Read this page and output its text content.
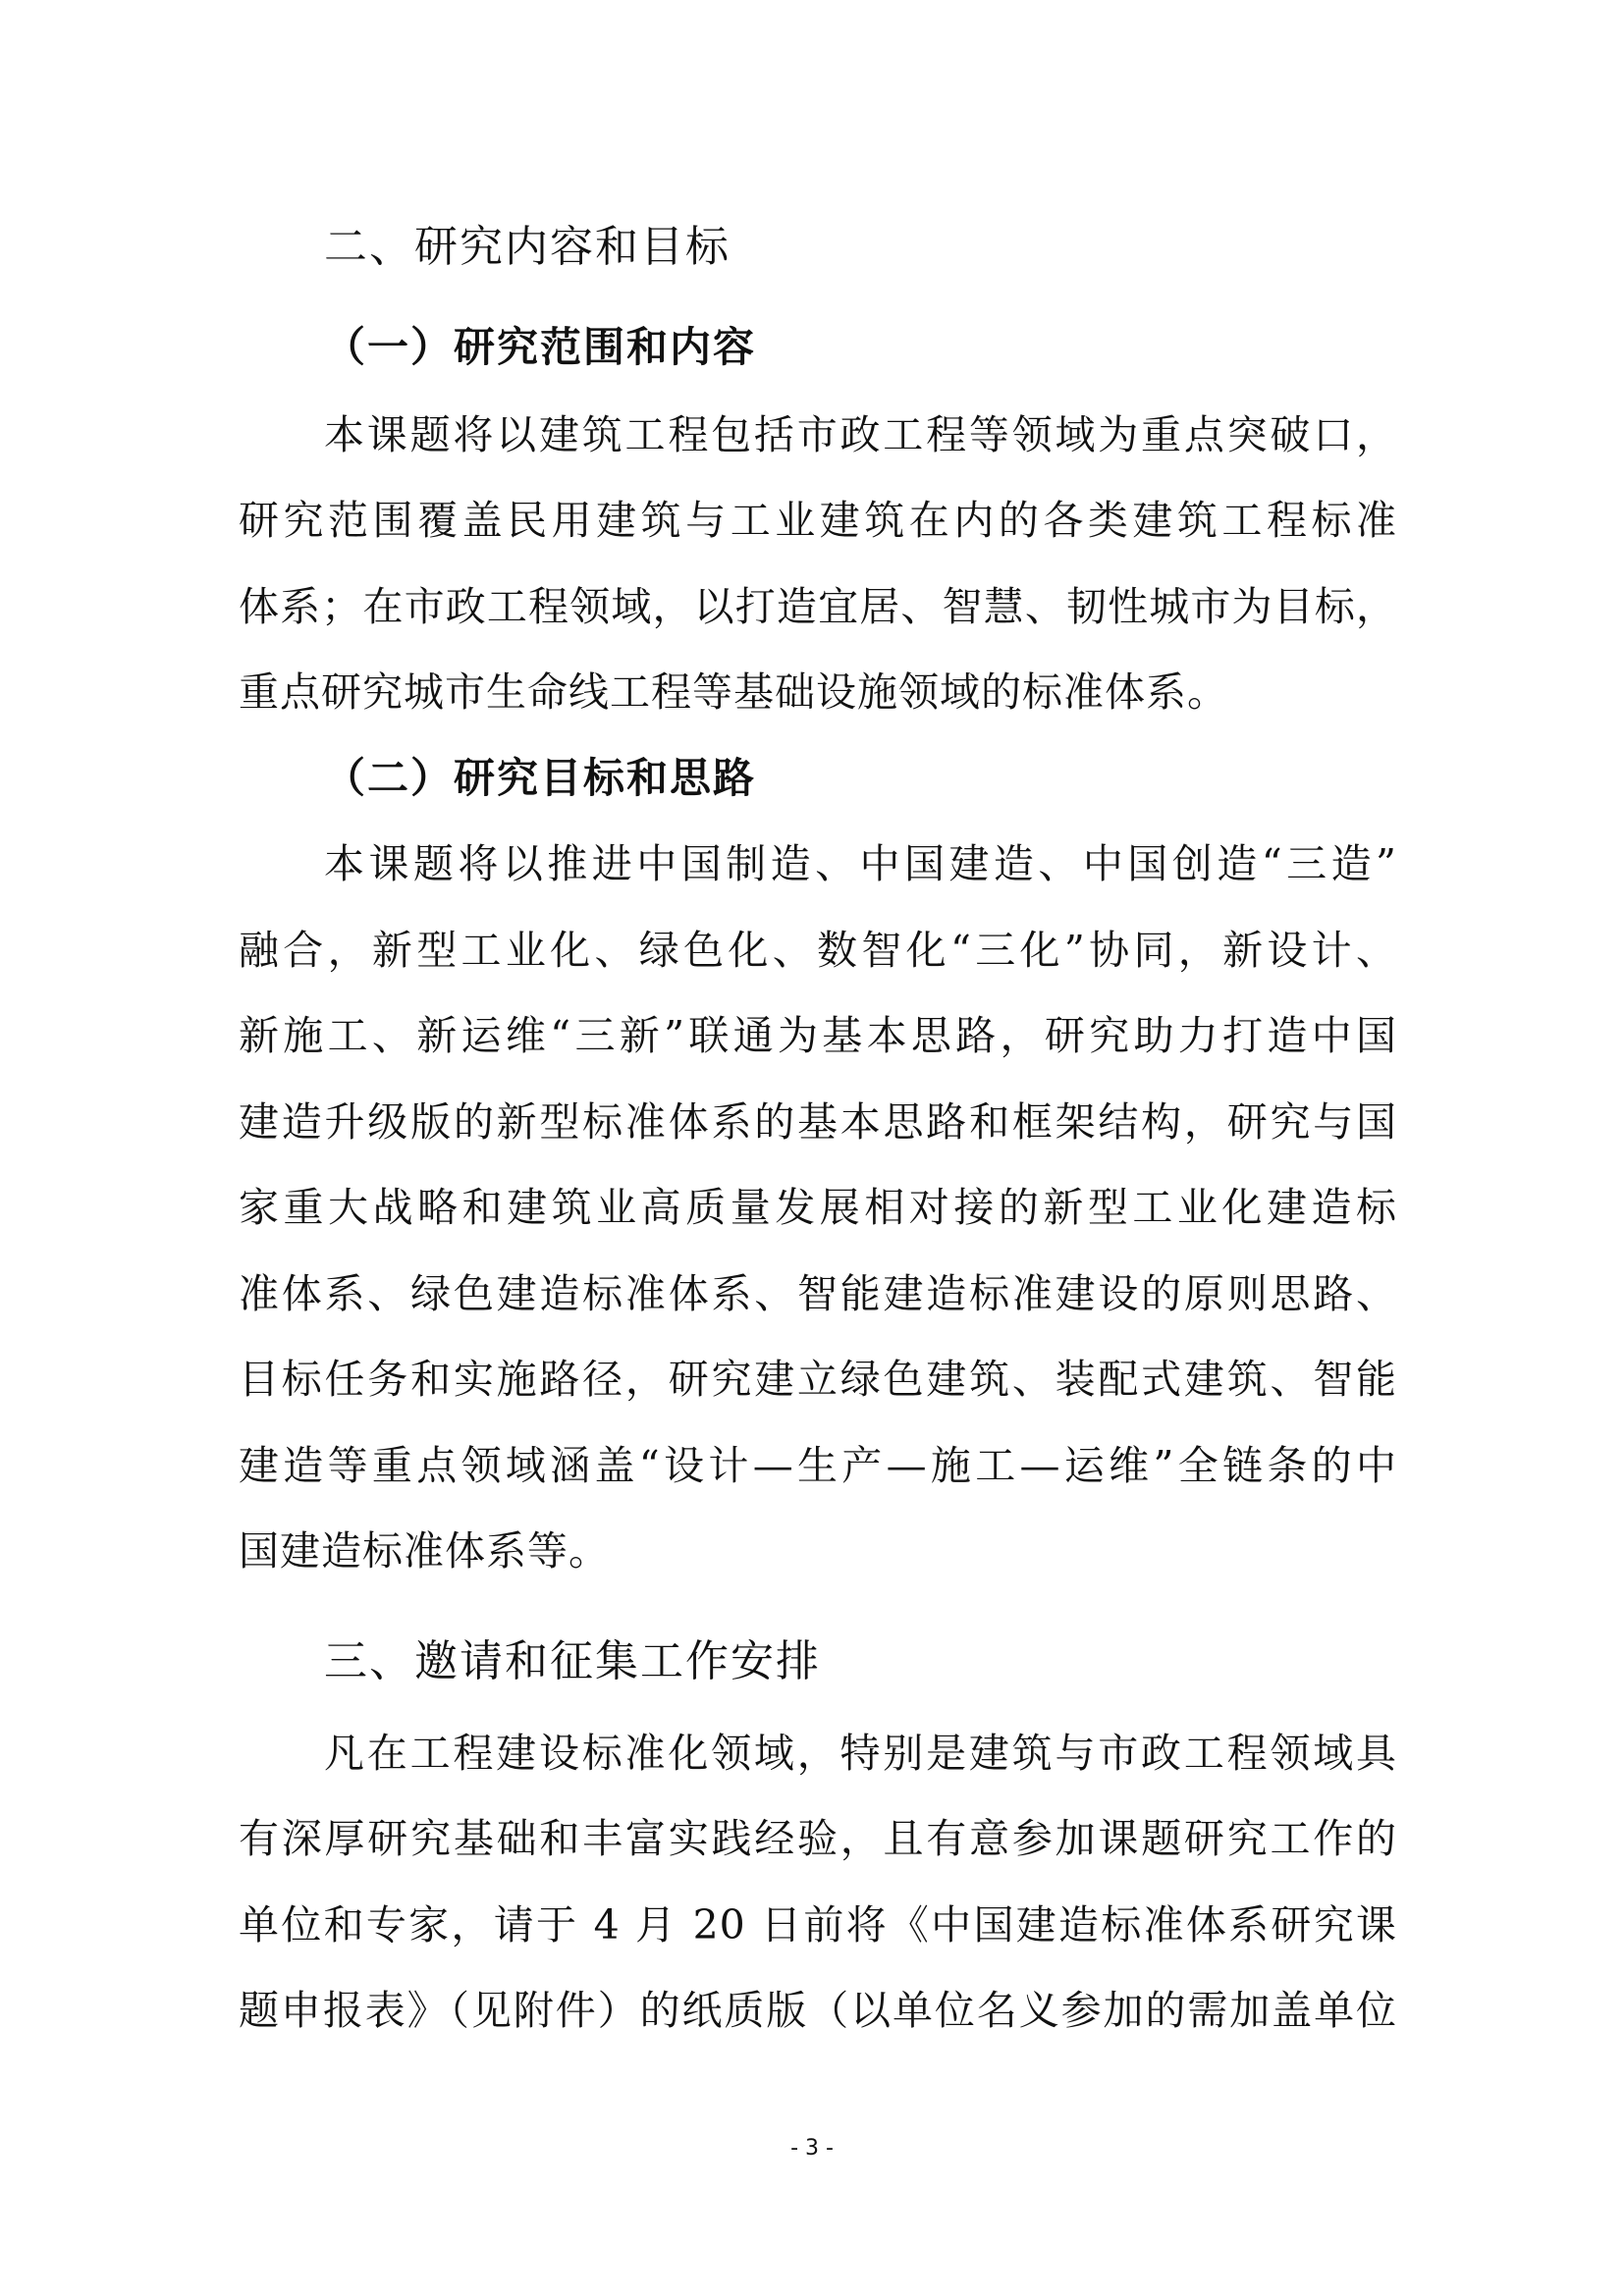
二、研究内容和目标
（一）研究范围和内容
本课题将以建筑工程包括市政工程等领域为重点突破口，
研究范围覆盖民用建筑与工业建筑在内的各类建筑工程标准
体系；在市政工程领域，以打造宜居、智慧、韧性城市为目标，
重点研究城市生命线工程等基础设施领域的标准体系。
（二）研究目标和思路
本课题将以推进中国制造、中国建造、中国创造“三造”
融合，新型工业化、绿色化、数智化“三化”协同，新设计、
新施工、新运维“三新”联通为基本思路，研究助力打造中国
建造升级版的新型标准体系的基本思路和框架结构，研究与国
家重大战略和建筑业高质量发展相对接的新型工业化建造标
准体系、绿色建造标准体系、智能建造标准建设的原则思路、
目标任务和实施路径，研究建立绿色建筑、装配式建筑、智能
建造等重点领域涵盖“设计—生产—施工—运维”全链条的中
国建造标准体系等。
三、邀请和征集工作安排
凡在工程建设标准化领域，特别是建筑与市政工程领域具
有深厚研究基础和丰富实践经验，且有意参加课题研究工作的
单位和专家，请于 4 月 20 日前将《中国建造标准体系研究课
题申报表》（见附件）的纸质版（以单位名义参加的需加盖单位
- 3 -
